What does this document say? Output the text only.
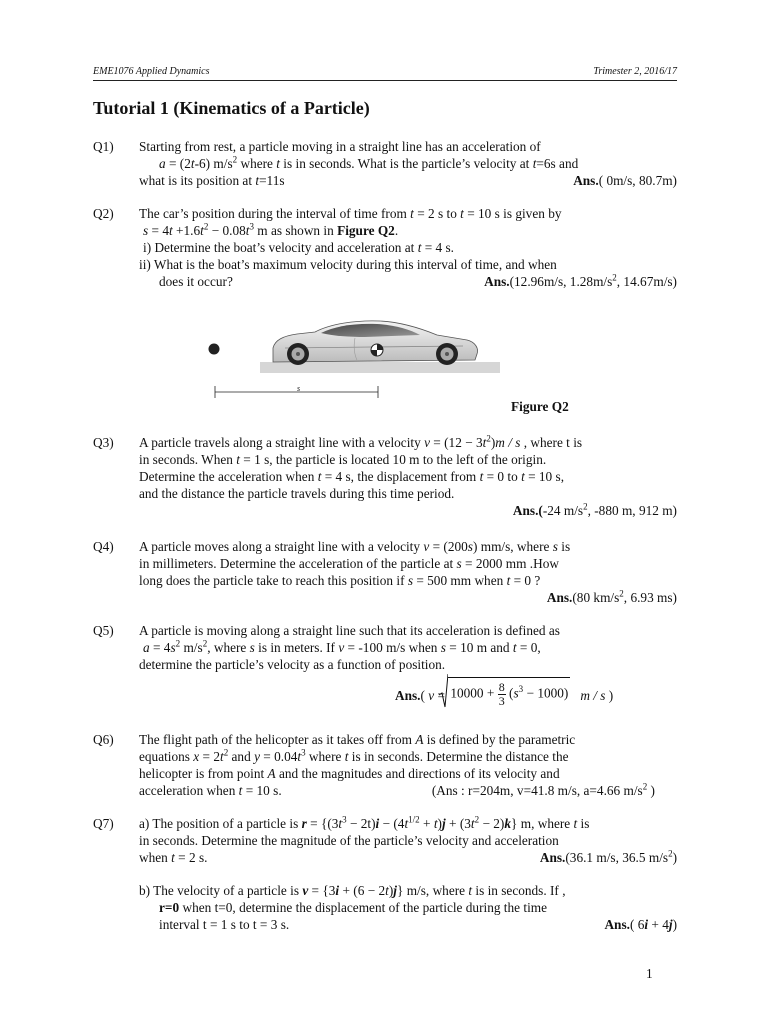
EME1076 Applied Dynamics	Trimester 2, 2016/17
Tutorial 1 (Kinematics of a Particle)
Q1)	Starting from rest, a particle moving in a straight line has an acceleration of
a = (2t-6) $m/s^2$ where t is in seconds. What is the particle’s velocity at t=6s and
what is its position at t=11s	Ans.( 0m/s, 80.7m)
Q2)	The car’s position during the interval of time from t = 2 s to t = 10 s is given by
$s = 4t +1.6t^2 - 0.08t^3$ m as shown in Figure Q2.
i) Determine the boat’s velocity and acceleration at t = 4 s.
ii) What is the boat’s maximum velocity during this interval of time, and when
does it occur?	Ans.(12.96m/s, $1.28m/s^2$, 14.67m/s)
s
Figure Q2
Q3)	A particle travels along a straight line with a velocity $v = (12 - 3t^2)m / s$ , where t is
in seconds. When t = 1 s, the particle is located 10 m to the left of the origin.
Determine the acceleration when t = 4 s, the displacement from t = 0 to t = 10 s,
and the distance the particle travels during this time period.
Ans.(-24 $m/s^2$, -880 m, 912 m)
Q4)	A particle moves along a straight line with a velocity v = (200s) mm/s, where s is
in millimeters. Determine the acceleration of the particle at s = 2000 mm .How
long does the particle take to reach this position if s = 500 mm when t = 0 ?
Ans.(80 $km/s^2$, 6.93 ms)
Q5)	A particle is moving along a straight line such that its acceleration is defined as
$a = 4s^2$ $m/s^2$, where s is in meters. If v = -100 m/s when s = 10 m and t = 0,
determine the particle’s velocity as a function of position.
Ans.( v =
$10000 + \frac{8}{3} (s^3 - 1000)$ m / s )
Q6)	The flight path of the helicopter as it takes off from A is defined by the parametric
equations $x = 2t^2$ and $y = 0.04t^3$ where t is in seconds. Determine the distance the
helicopter is from point A and the magnitudes and directions of its velocity and
acceleration when t = 10 s.	(Ans : r=204m, v=41.8 m/s, a=4.66 $m/s^2$ )
Q7)	a) The position of a particle is $r = \{(3t^3 - 2t)i - (4t^{1/2} + t)j + (3t^2 - 2)k\}$ m, where t is
in seconds. Determine the magnitude of the particle’s velocity and acceleration
when t = 2 s.	Ans.(36.1 m/s, 36.5 $m/s^2$)
b) The velocity of a particle is v = {3i + (6 − 2t)j} m/s, where t is in seconds. If ,
r=0 when t=0, determine the displacement of the particle during the time
interval t = 1 s to t = 3 s.	Ans.( 6i + 4j)
1
